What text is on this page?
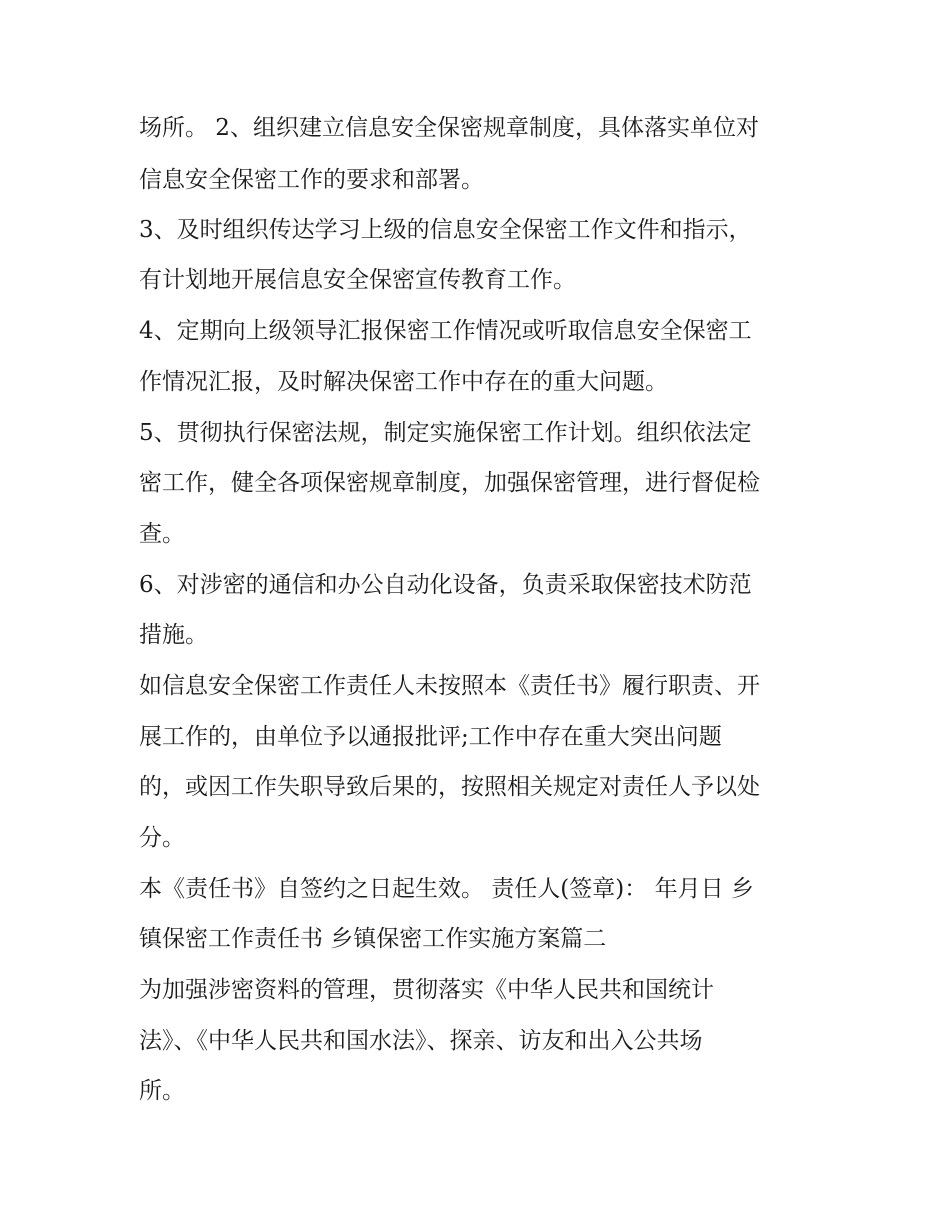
场所。 2、组织建立信息安全保密规章制度，具体落实单位对

信息安全保密工作的要求和部署。

3、及时组织传达学习上级的信息安全保密工作文件和指示，

有计划地开展信息安全保密宣传教育工作。

4、定期向上级领导汇报保密工作情况或听取信息安全保密工

作情况汇报，及时解决保密工作中存在的重大问题。

5、贯彻执行保密法规，制定实施保密工作计划。组织依法定

密工作，健全各项保密规章制度，加强保密管理，进行督促检

查。

6、对涉密的通信和办公自动化设备，负责采取保密技术防范

措施。

如信息安全保密工作责任人未按照本《责任书》履行职责、开

展工作的，由单位予以通报批评;工作中存在重大突出问题

的，或因工作失职导致后果的，按照相关规定对责任人予以处

分。

本《责任书》自签约之日起生效。 责任人(签章)： 年月日 乡

镇保密工作责任书 乡镇保密工作实施方案篇二

为加强涉密资料的管理，贯彻落实《中华人民共和国统计

法》、《中华人民共和国水法》、探亲、访友和出入公共场

所。
